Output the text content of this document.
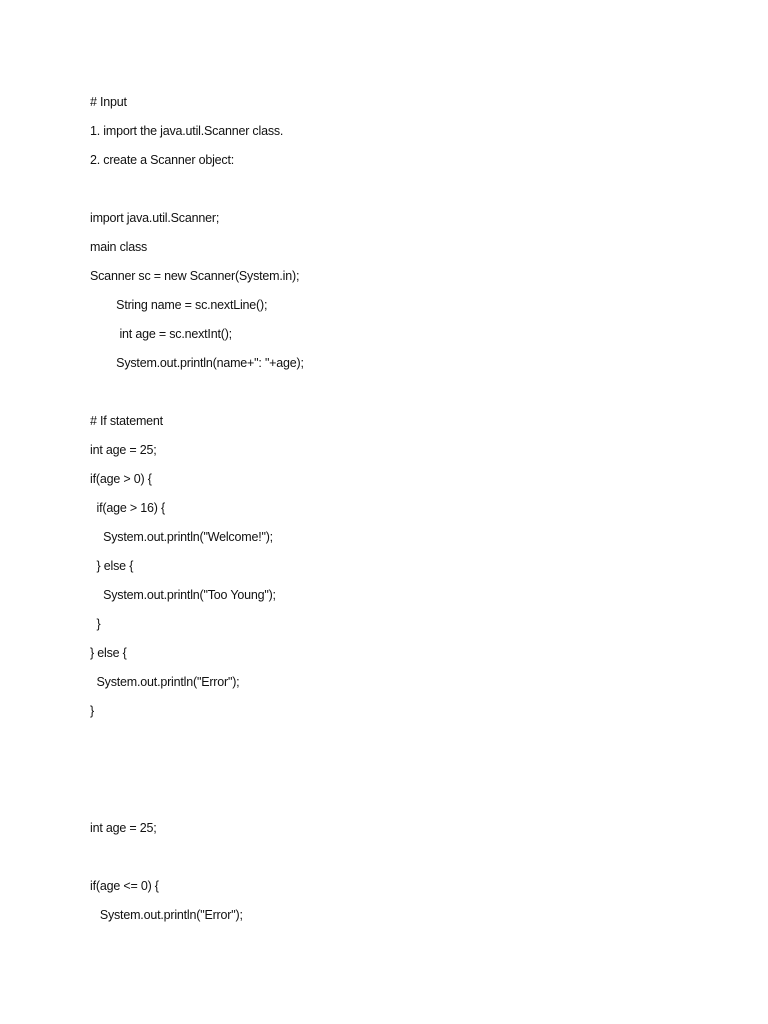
# Input
1. import the java.util.Scanner class.
2. create a Scanner object:
import java.util.Scanner;
main class
Scanner sc = new Scanner(System.in);
String name = sc.nextLine();
int age = sc.nextInt();
System.out.println(name+": "+age);
# If statement
int age = 25;
if(age > 0) {
if(age > 16) {
System.out.println("Welcome!");
} else {
System.out.println("Too Young");
}
} else {
System.out.println("Error");
}
int age = 25;
if(age <= 0) {
System.out.println("Error");
